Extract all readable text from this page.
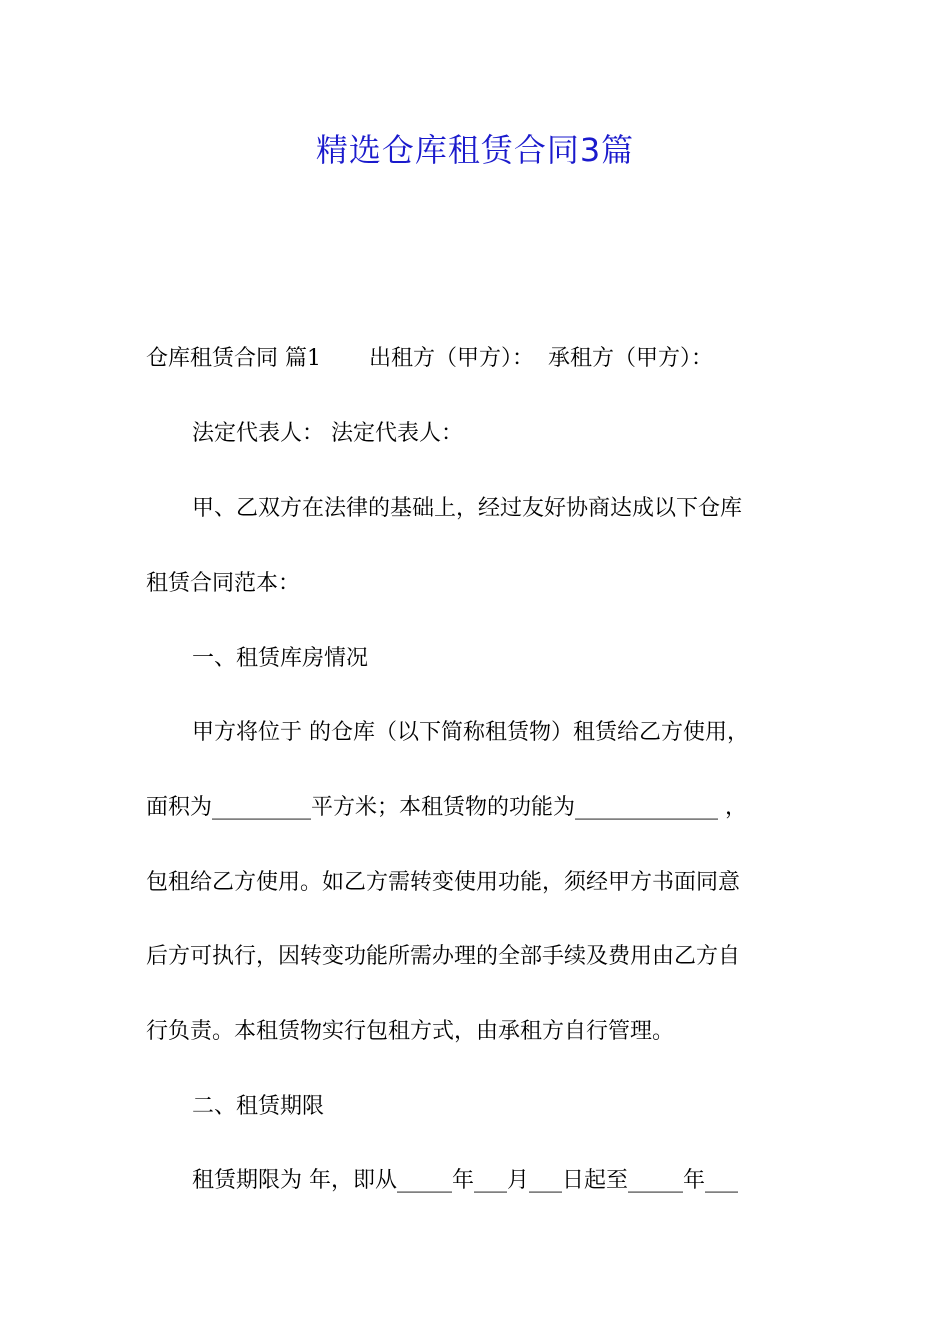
精选仓库租赁合同3篇
仓库租赁合同 篇1 出租方（甲方）： 承租方（甲方）：
法定代表人： 法定代表人：
甲、乙双方在法律的基础上，经过友好协商达成以下仓库
租赁合同范本：
一、租赁库房情况
甲方将位于 的仓库（以下简称租赁物）租赁给乙方使用，
面积为_________平方米；本租赁物的功能为_____________ ，
包租给乙方使用。如乙方需转变使用功能，须经甲方书面同意
后方可执行，因转变功能所需办理的全部手续及费用由乙方自
行负责。本租赁物实行包租方式，由承租方自行管理。
二、租赁期限
租赁期限为 年，即从_____年___月___日起至_____年___
